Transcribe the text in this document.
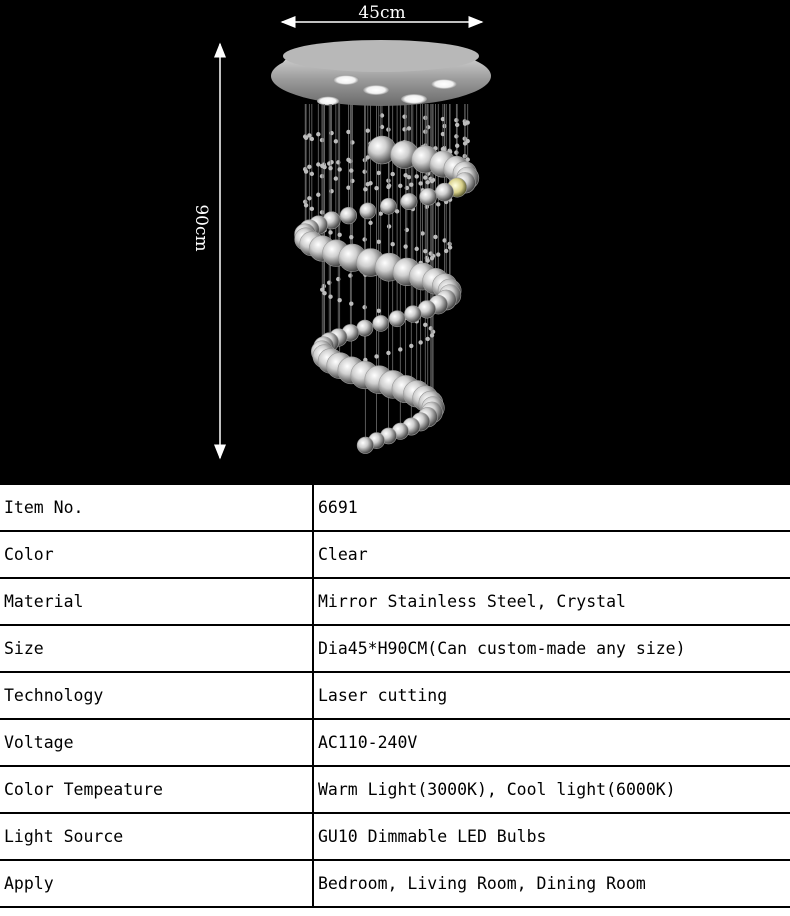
45cm
90cm
Item No.	6691
Color	Clear
Material	Mirror Stainless Steel, Crystal
Size	Dia45*H90CM(Can custom-made any size)
Technology	Laser cutting
Voltage	AC110-240V
Color Tempeature	Warm Light(3000K), Cool light(6000K)
Light Source	GU10 Dimmable LED Bulbs
Apply	Bedroom, Living Room, Dining Room
